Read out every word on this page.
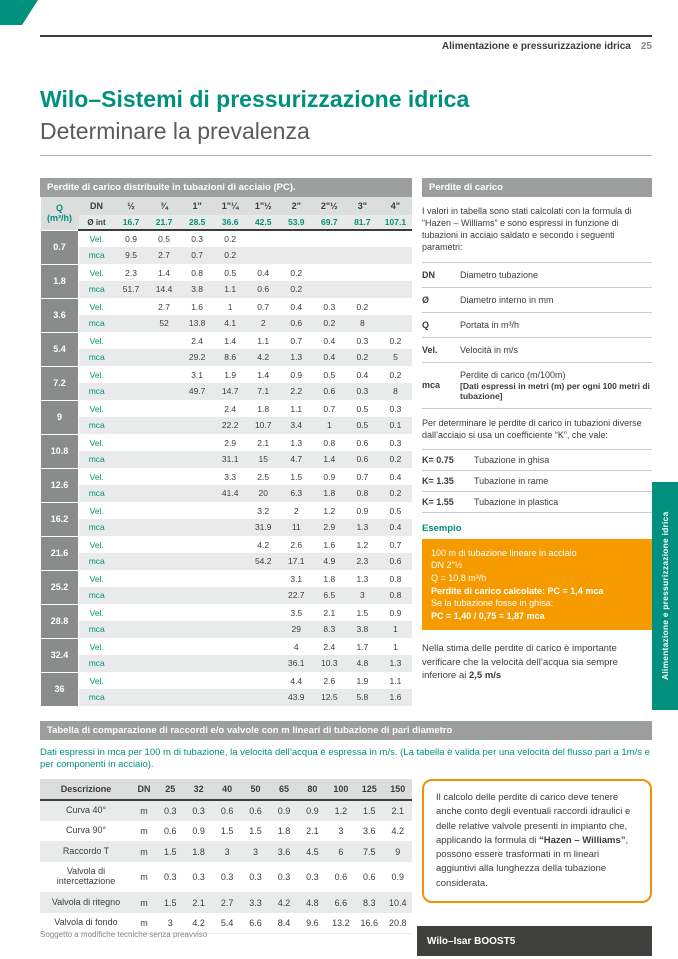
Alimentazione e pressurizzazione idrica 25
Wilo–Sistemi di pressurizzazione idrica
Determinare la prevalenza
Perdite di carico distribuite in tubazioni di acciaio (PC).
Q
(m³/h)	DN	½	¾	1"	1"¼	1"½	2"	2"½	3"	4"
	Ø int	16.7	21.7	28.5	36.6	42.5	53.9	69.7	81.7	107.1
0.7	Vel.	0.9	0.5	0.3	0.2					
	mca	9.5	2.7	0.7	0.2					
1.8	Vel.	2.3	1.4	0.8	0.5	0.4	0.2			
	mca	51.7	14.4	3.8	1.1	0.6	0.2			
3.6	Vel.		2.7	1.6	1	0.7	0.4	0.3	0.2	
	mca		52	13.8	4.1	2	0.6	0.2	8	
5.4	Vel.			2.4	1.4	1.1	0.7	0.4	0.3	0.2
	mca			29.2	8.6	4.2	1.3	0.4	0.2	5
7.2	Vel.			3.1	1.9	1.4	0.9	0.5	0.4	0.2
	mca			49.7	14.7	7.1	2.2	0.6	0.3	8
9	Vel.				2.4	1.8	1.1	0.7	0.5	0.3
	mca				22.2	10.7	3.4	1	0.5	0.1
10.8	Vel.				2.9	2.1	1.3	0.8	0.6	0.3
	mca				31.1	15	4.7	1.4	0.6	0.2
12.6	Vel.				3.3	2.5	1.5	0.9	0.7	0.4
	mca				41.4	20	6.3	1.8	0.8	0.2
16.2	Vel.					3.2	2	1.2	0.9	0.5
	mca					31.9	11	2.9	1.3	0.4
21.6	Vel.					4.2	2.6	1.6	1.2	0.7
	mca					54.2	17.1	4.9	2.3	0.6
25.2	Vel.						3.1	1.8	1.3	0.8
	mca						22.7	6.5	3	0.8
28.8	Vel.						3.5	2.1	1.5	0.9
	mca						29	8.3	3.8	1
32.4	Vel.						4	2.4	1.7	1
	mca						36.1	10.3	4.8	1.3
36	Vel.						4.4	2.6	1.9	1.1
	mca						43.9	12.5	5.8	1.6
Perdite di carico

I valori in tabella sono stati calcolati con la formula di “Hazen – Williams” e sono espressi in funzione di tubazioni in acciaio saldato e secondo i seguenti parametri:

DN	Diametro tubazione
Ø	Diametro interno in mm
Q	Portata in m³/h
Vel.	Velocità in m/s
mca	Perdite di carico (m/100m)
[Dati espressi in metri (m) per ogni 100 metri di tubazione]

Per determinare le perdite di carico in tubazioni diverse dall’acciaio si usa un coefficiente “K”, che vale:

K= 0.75	Tubazione in ghisa
K= 1.35	Tubazione in rame
K= 1.55	Tubazione in plastica
Esempio
100 m di tubazione lineare in acciaio
DN 2"½
Q = 10,8 m³/h
Perdite di carico calcolate: PC = 1,4 mca
Se la tubazione fosse in ghisa:
PC = 1,40 / 0,75 = 1,87 mca

Nella stima delle perdite di carico è importante verificare che la velocità dell’acqua sia sempre inferiore ai 2,5 m/s

Tabella di comparazione di raccordi e/o valvole con m lineari di tubazione di pari diametro

Dati espressi in mca per 100 m di tubazione, la velocità dell’acqua è espressa in m/s. (La tabella è valida per una velocità del flusso pari a 1m/s e per componenti in acciaio).

Descrizione	DN	25	32	40	50	65	80	100	125	150
Curva 40°	m	0.3	0.3	0.6	0.6	0.9	0.9	1.2	1.5	2.1
Curva 90°	m	0.6	0.9	1.5	1.5	1.8	2.1	3	3.6	4.2
Raccordo T	m	1.5	1.8	3	3	3.6	4.5	6	7.5	9
Valvola di intercettazione	m	0.3	0.3	0.3	0.3	0.3	0.3	0.6	0.6	0.9
Valvola di ritegno	m	1.5	2.1	2.7	3.3	4.2	4.8	6.6	8.3	10.4
Valvola di fondo	m	3	4.2	5.4	6.6	8.4	9.6	13.2	16.6	20.8
Il calcolo delle perdite di carico deve tenere anche conto degli eventuali raccordi idraulici e delle relative valvole presenti in impianto che, applicando la formula di “Hazen – Williams”, possono essere trasformati in m lineari aggiuntivi alla lunghezza della tubazione considerata.
Soggetto a modifiche tecniche senza preavviso
Wilo–Isar BOOST5
Alimentazione e pressurizzazione idrica
